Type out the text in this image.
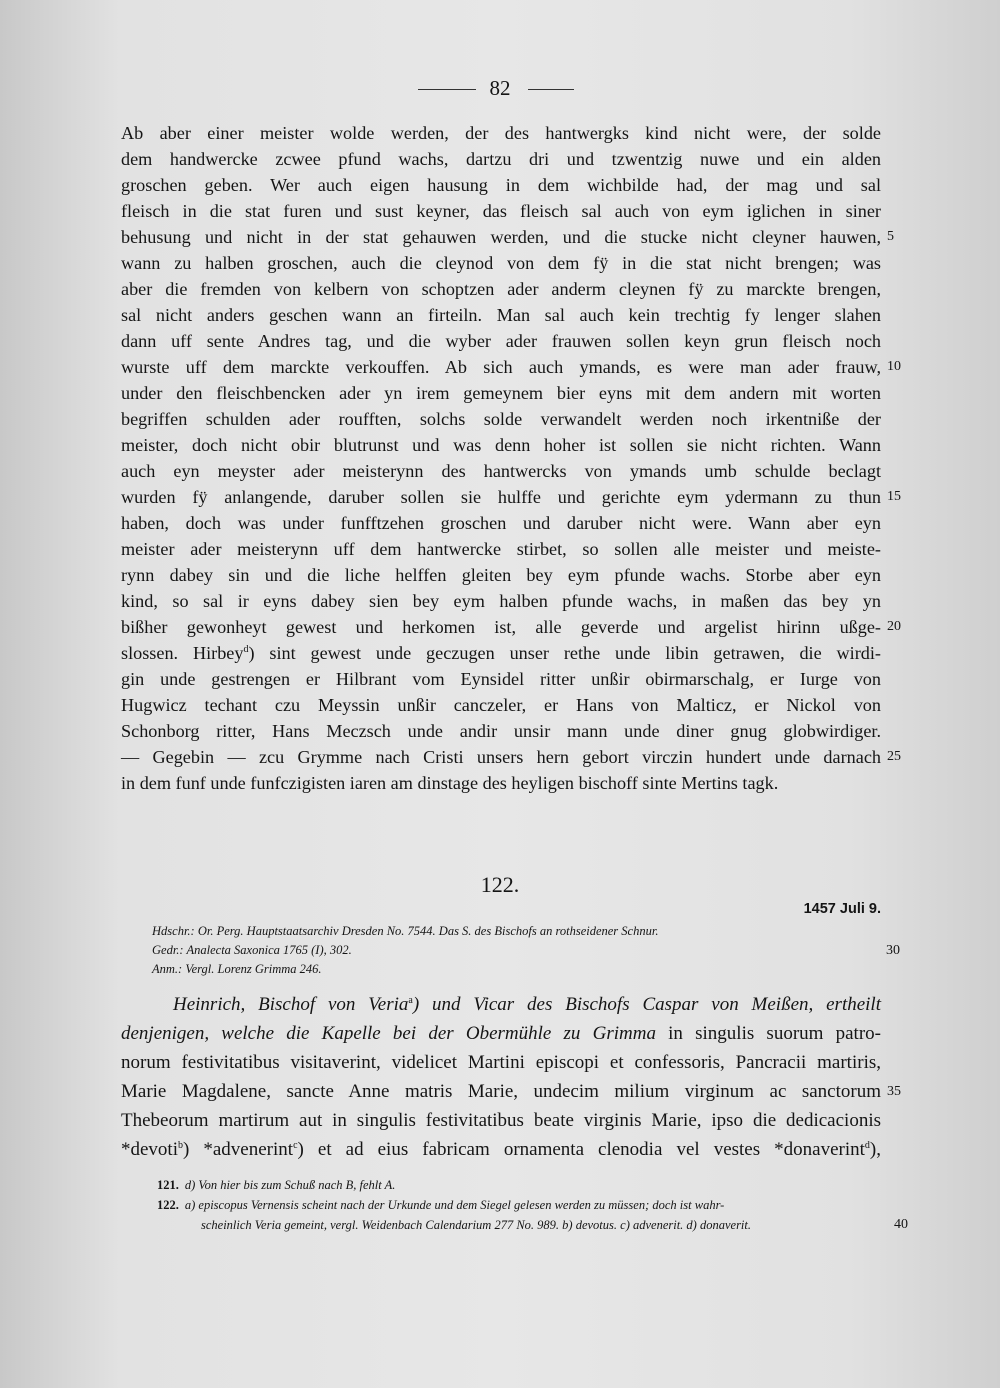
82
Ab aber einer meister wolde werden, der des hantwergks kind nicht were, der solde
dem handwercke zcwee pfund wachs, dartzu dri und tzwentzig nuwe und ein alden
groschen geben. Wer auch eigen hausung in dem wichbilde had, der mag und sal
fleisch in die stat furen und sust keyner, das fleisch sal auch von eym iglichen in siner
behusung und nicht in der stat gehauwen werden, und die stucke nicht cleyner hauwen, 5
wann zu halben groschen, auch die cleynod von dem fÿ in die stat nicht brengen; was
aber die fremden von kelbern von schoptzen ader anderm cleynen fÿ zu marckte brengen,
sal nicht anders geschen wann an firteiln. Man sal auch kein trechtig fy lenger slahen
dann uff sente Andres tag, und die wyber ader frauwen sollen keyn grun fleisch noch
wurste uff dem marckte verkouffen. Ab sich auch ymands, es were man ader frauw, 10
under den fleischbencken ader yn irem gemeynem bier eyns mit dem andern mit worten
begriffen schulden ader roufften, solchs solde verwandelt werden noch irkentniße der
meister, doch nicht obir blutrunst und was denn hoher ist sollen sie nicht richten. Wann
auch eyn meyster ader meisterynn des hantwercks von ymands umb schulde beclagt
wurden fÿ anlangende, daruber sollen sie hulffe und gerichte eym ydermann zu thun 15
haben, doch was under funfftzehen groschen und daruber nicht were. Wann aber eyn
meister ader meisterynn uff dem hantwercke stirbet, so sollen alle meister und meiste-
rynn dabey sin und die liche helffen gleiten bey eym pfunde wachs. Storbe aber eyn
kind, so sal ir eyns dabey sien bey eym halben pfunde wachs, in maßen das bey yn
bißher gewonheyt gewest und herkomen ist, alle geverde und argelist hirinn ußge- 20
slossen. Hirbey$^d$) sint gewest unde geczugen unser rethe unde libin getrawen, die wirdi-
gin unde gestrengen er Hilbrant vom Eynsidel ritter unßir obirmarschalg, er Iurge von
Hugwicz techant czu Meyssin unßir canczeler, er Hans von Malticz, er Nickol von
Schonborg ritter, Hans Meczsch unde andir unsir mann unde diner gnug globwirdiger.
— Gegebin — zcu Grymme nach Cristi unsers hern gebort virczin hundert unde darnach 25
in dem funf unde funfczigisten iaren am dinstage des heyligen bischoff sinte Mertins tagk.
122.
1457 Juli 9.
Hdschr.: Or. Perg. Hauptstaatsarchiv Dresden No. 7544. Das S. des Bischofs an rothseidener Schnur.
Gedr.: Analecta Saxonica 1765 (I), 302.	30
Anm.: Vergl. Lorenz Grimma 246.
Heinrich, Bischof von Veria$^a$) und Vicar des Bischofs Caspar von Meißen, ertheilt
denjenigen, welche die Kapelle bei der Obermühle zu Grimma in singulis suorum patro-
norum festivitatibus visitaverint, videlicet Martini episcopi et confessoris, Pancracii martiris,
Marie Magdalene, sancte Anne matris Marie, undecim milium virginum ac sanctorum 35
Thebeorum martirum aut in singulis festivitatibus beate virginis Marie, ipso die dedicacionis
*devoti$^b$) *advenerint$^c$) et ad eius fabricam ornamenta clenodia vel vestes *donaverint$^d$),
121. d) Von hier bis zum Schuß nach B, fehlt A.
122. a) episcopus Vernensis scheint nach der Urkunde und dem Siegel gelesen werden zu müssen; doch ist wahr-
scheinlich Veria gemeint, vergl. Weidenbach Calendarium 277 No. 989. b) devotus. c) advenerit. d) donaverit.	40
